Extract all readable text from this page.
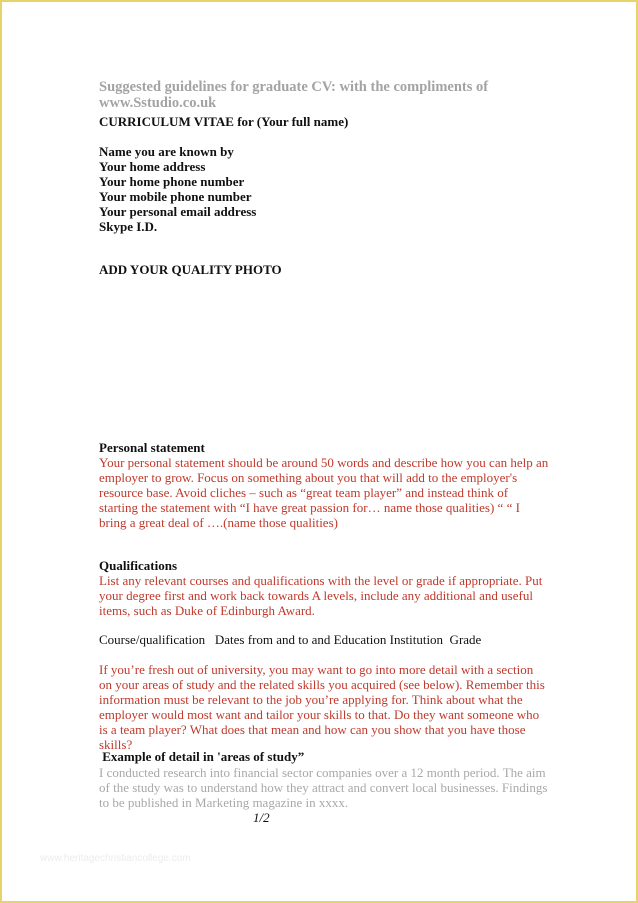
Suggested guidelines for graduate CV: with the compliments of
www.Sstudio.co.uk
CURRICULUM VITAE for (Your full name)
Name you are known by
Your home address
Your home phone number
Your mobile phone number
Your personal email address
Skype I.D.
ADD YOUR QUALITY PHOTO
Personal statement
Your personal statement should be around 50 words and describe how you can help an employer to grow. Focus on something about you that will add to the employer's resource base. Avoid cliches – such as “great team player” and instead think of starting the statement with “I have great passion for… name those qualities) “ “ I bring a great deal of ….(name those qualities)
Qualifications
List any relevant courses and qualifications with the level or grade if appropriate. Put your degree first and work back towards A levels, include any additional and useful items, such as Duke of Edinburgh Award.
Course/qualification   Dates from and to and Education Institution  Grade
If you’re fresh out of university, you may want to go into more detail with a section on your areas of study and the related skills you acquired (see below). Remember this information must be relevant to the job you’re applying for. Think about what the employer would most want and tailor your skills to that. Do they want someone who is a team player? What does that mean and how can you show that you have those skills?
Example of detail in 'areas of study”
I conducted research into financial sector companies over a 12 month period. The aim of the study was to understand how they attract and convert local businesses. Findings to be published in Marketing magazine in xxxx.
1/2
www.heritagechristiancollege.com
